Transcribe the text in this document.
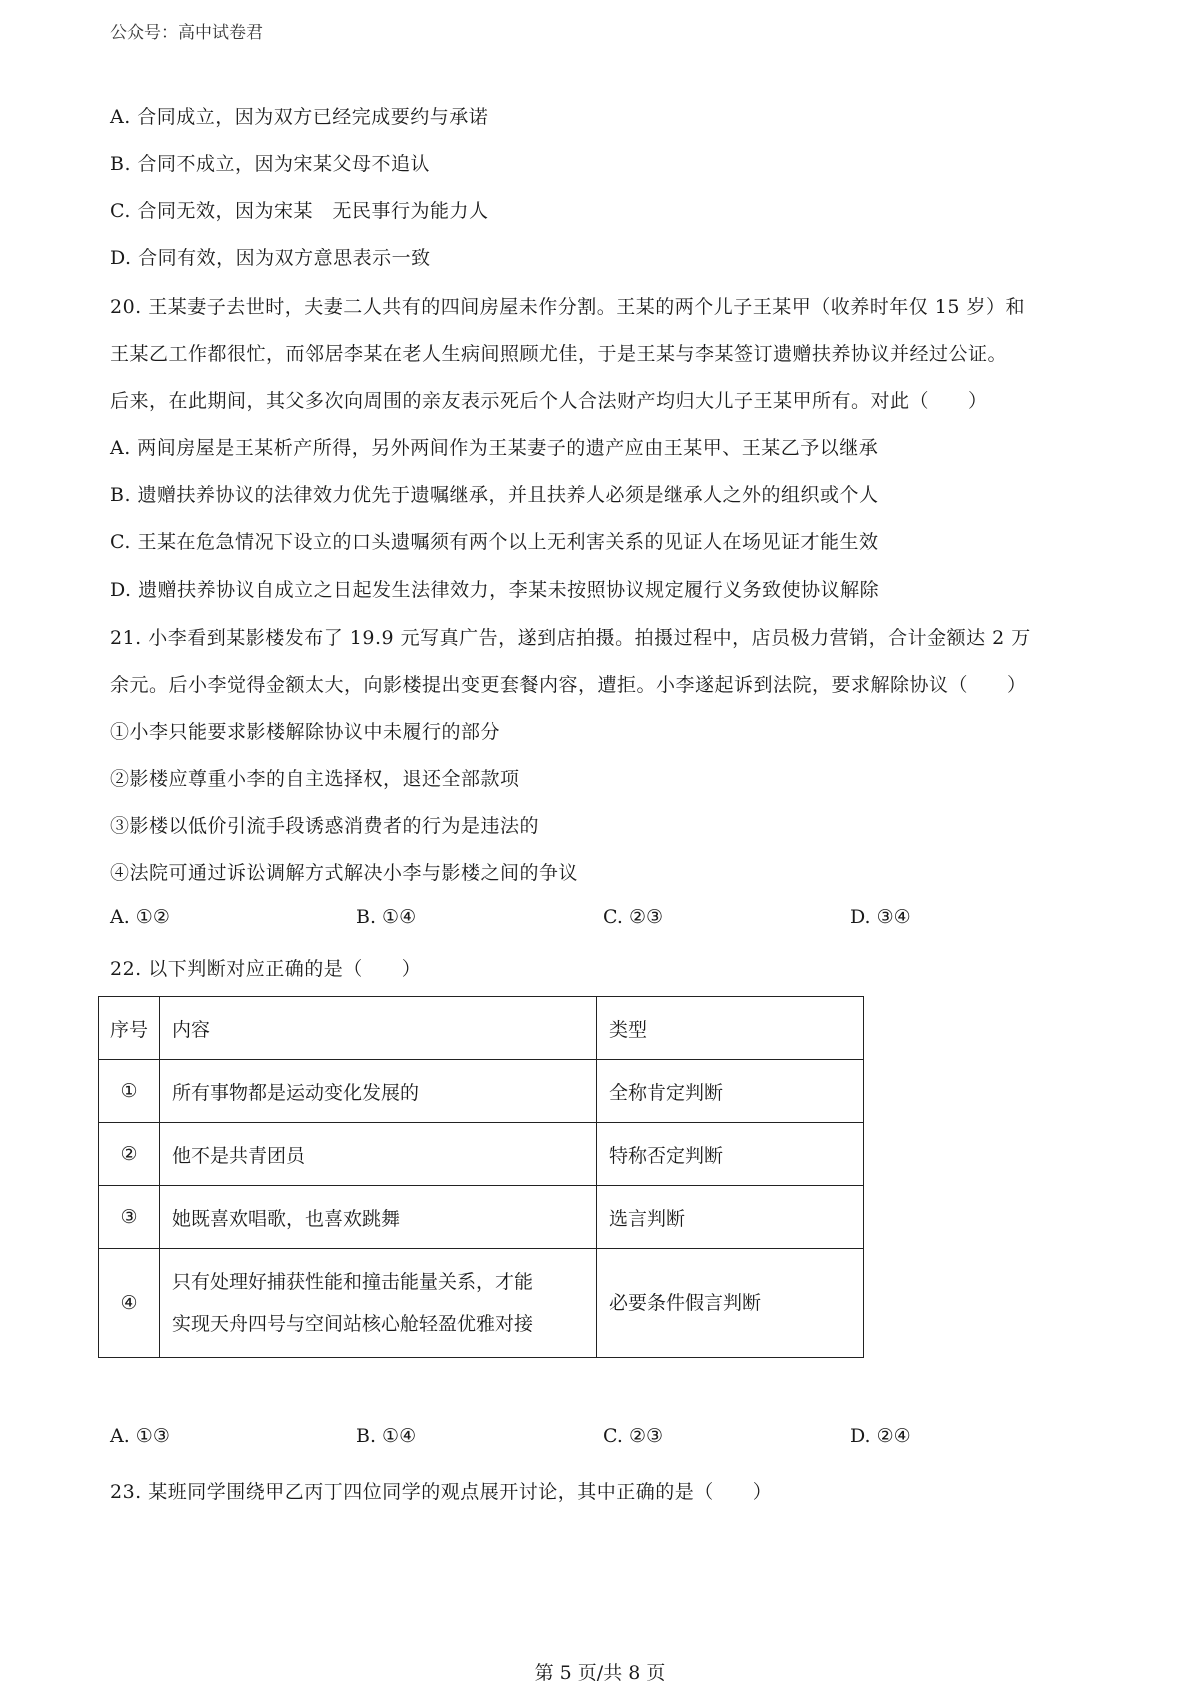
公众号：高中试卷君
A. 合同成立，因为双方已经完成要约与承诺
B. 合同不成立，因为宋某父母不追认
C. 合同无效，因为宋某　无民事行为能力人
D. 合同有效，因为双方意思表示一致
20. 王某妻子去世时，夫妻二人共有的四间房屋未作分割。王某的两个儿子王某甲（收养时年仅 15 岁）和
王某乙工作都很忙，而邻居李某在老人生病间照顾尤佳，于是王某与李某签订遗赠扶养协议并经过公证。
后来，在此期间，其父多次向周围的亲友表示死后个人合法财产均归大儿子王某甲所有。对此（　　）
A. 两间房屋是王某析产所得，另外两间作为王某妻子的遗产应由王某甲、王某乙予以继承
B. 遗赠扶养协议的法律效力优先于遗嘱继承，并且扶养人必须是继承人之外的组织或个人
C. 王某在危急情况下设立的口头遗嘱须有两个以上无利害关系的见证人在场见证才能生效
D. 遗赠扶养协议自成立之日起发生法律效力，李某未按照协议规定履行义务致使协议解除
21. 小李看到某影楼发布了 19.9 元写真广告，遂到店拍摄。拍摄过程中，店员极力营销，合计金额达 2 万
余元。后小李觉得金额太大，向影楼提出变更套餐内容，遭拒。小李遂起诉到法院，要求解除协议（　　）
①小李只能要求影楼解除协议中未履行的部分
②影楼应尊重小李的自主选择权，退还全部款项
③影楼以低价引流手段诱惑消费者的行为是违法的
④法院可通过诉讼调解方式解决小李与影楼之间的争议
A. ①②	B. ①④	C. ②③	D. ③④
22. 以下判断对应正确的是（　　）
序号	内容	类型
①	所有事物都是运动变化发展的	全称肯定判断
②	他不是共青团员	特称否定判断
③	她既喜欢唱歌，也喜欢跳舞	选言判断
④	只有处理好捕获性能和撞击能量关系，才能
实现天舟四号与空间站核心舱轻盈优雅对接	必要条件假言判断
A. ①③	B. ①④	C. ②③	D. ②④
23. 某班同学围绕甲乙丙丁四位同学的观点展开讨论，其中正确的是（　　）
第 5 页/共 8 页
